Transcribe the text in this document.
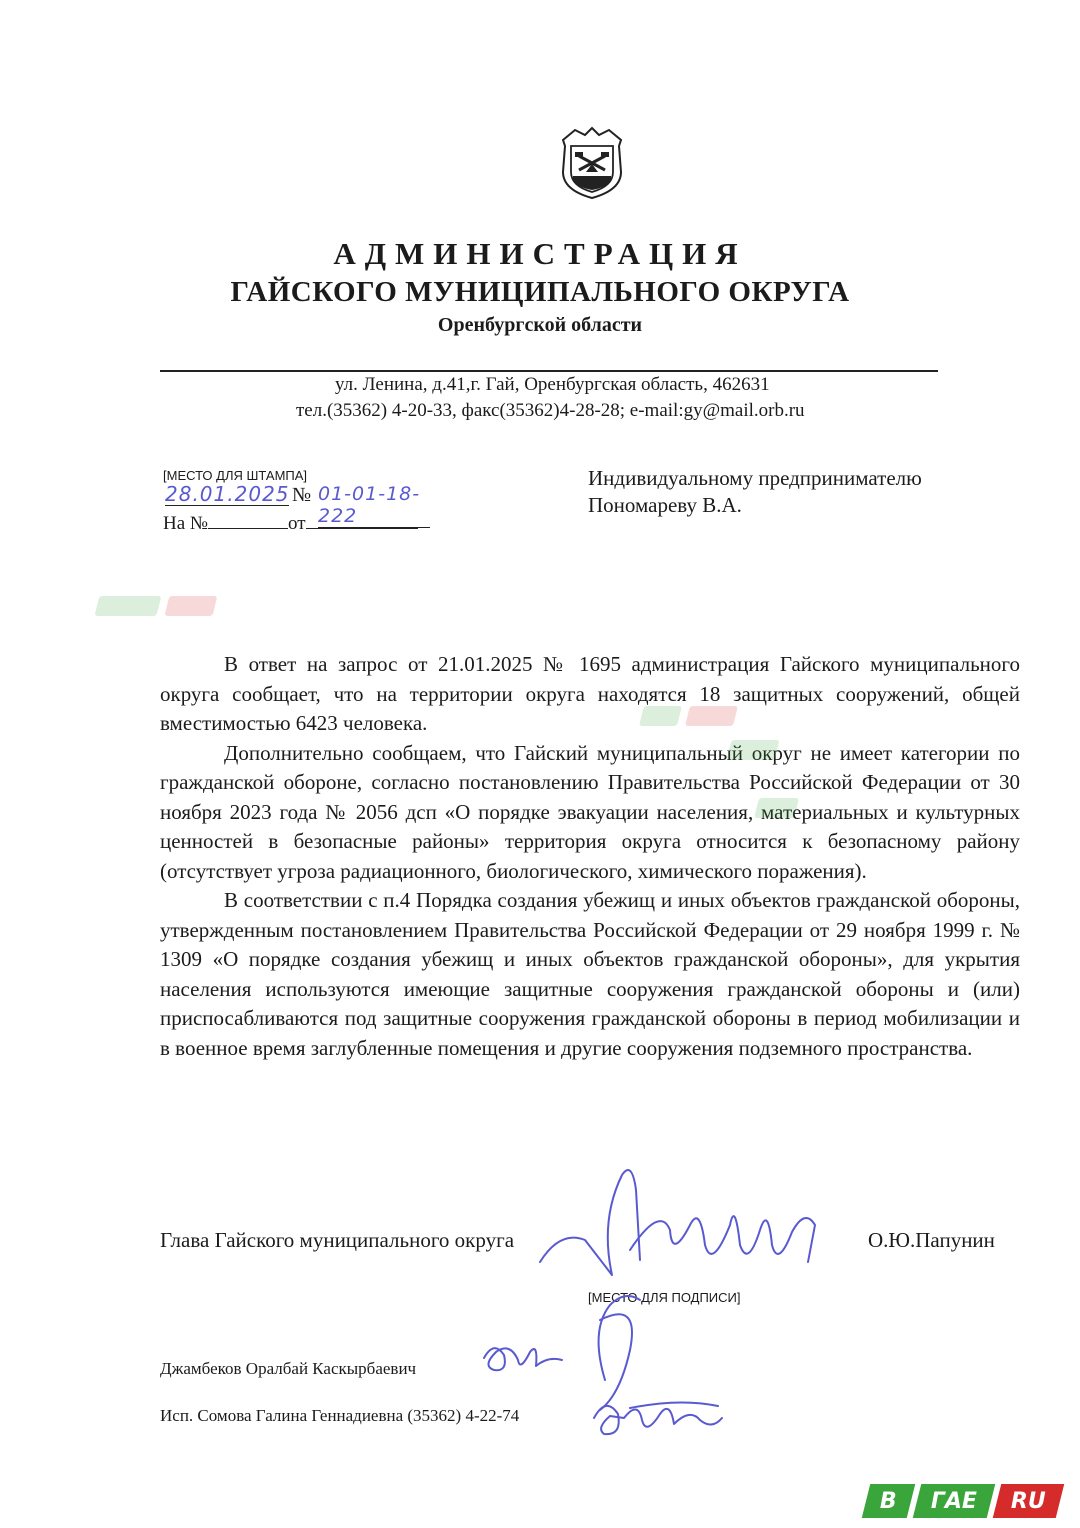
АДМИНИСТРАЦИЯ
ГАЙСКОГО МУНИЦИПАЛЬНОГО ОКРУГА
Оренбургской области
ул. Ленина, д.41,г. Гай, Оренбургская область, 462631
тел.(35362) 4-20-33, факс(35362)4-28-28; e-mail:gy@mail.orb.ru
[МЕСТО ДЛЯ ШТАМПА]
28.01.2025 № 01-01-18-222
На №	от
Индивидуальному предпринимателю
Пономареву В.А.

В ответ на запрос от 21.01.2025 № 1695 администрация Гайского муниципального округа сообщает, что на территории округа находятся 18 защитных сооружений, общей вместимостью 6423 человека.

Дополнительно сообщаем, что Гайский муниципальный округ не имеет категории по гражданской обороне, согласно постановлению Правительства Российской Федерации от 30 ноября 2023 года № 2056 дсп «О порядке эвакуации населения, материальных и культурных ценностей в безопасные районы» территория округа относится к безопасному району (отсутствует угроза радиационного, биологического, химического поражения).

В соответствии с п.4 Порядка создания убежищ и иных объектов гражданской обороны, утвержденным постановлением Правительства Российской Федерации от 29 ноября 1999 г. № 1309 «О порядке создания убежищ и иных объектов гражданской обороны», для укрытия населения используются имеющие защитные сооружения гражданской обороны и (или) приспосабливаются под защитные сооружения гражданской обороны в период мобилизации и в военное время заглубленные помещения и другие сооружения подземного пространства.

Глава Гайского муниципального округа	О.Ю.Папунин
[МЕСТО ДЛЯ ПОДПИСИ]
Джамбеков Оралбай Каскырбаевич
Исп. Сомова Галина Геннадиевна (35362) 4-22-74
В ГАЕ RU
